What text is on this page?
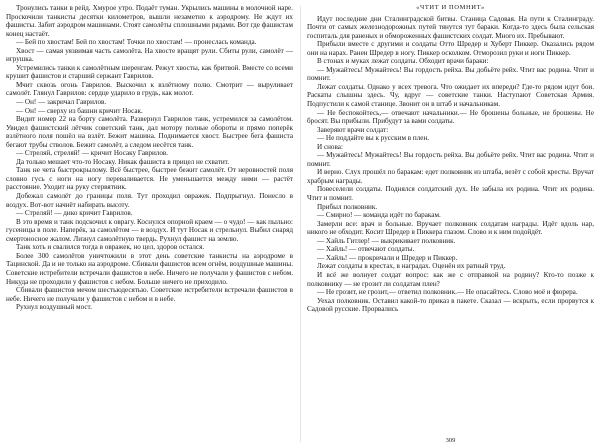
Тронулись танки в рейд. Хмурое утро. Подаёт туман. Укрылись машины в молочной наре. Проскочили танкисты десятки километров, вышли незаметно к аэродрому. Не ждут их фашисты. Забит аэродром машинами. Стоят самолёты сплошными рядами. Вот где фашистам конец настаёт.

— Бей по хвостам! Бей по хвостам! Точки по хвостам! — пронеслась команда.

Хвост — самая уязвимая часть самолёта. На хвосте вращят рули. Сбиты рули, самолёт — игрушка.

Устремились танки к самолётным шеренгам. Режут хвосты, как бритвой. Вместе со всеми крушит фашистов и старший сержант Гаврилов.

Мчит сквозь огонь Гаврилов. Выскочил к взлётному полю. Смотрит — выруливает самолёт. Глянул Гаврилов: сердце ударило в грудь, как молот.

— Он! — закричал Гаврилов.

— Он! — сверху из башни кричит Носак.

Видит номер 22 на борту самолёта. Развернул Гаврилов танк, устремился за самолётом. Увидел фашистский лётчик советский танк, дал мотору полные обороты и прямо поперёк взлётного поля пошёл на взлёт. Бежит машина. Поднимается хвост. Быстрее бега фашиста бегают трубы стволов. Бежит самолёт, а следом несётся танк.

— Стреляй, стреляй! — кричит Носаку Гаврилов.

Да только мешает что-то Носаку. Никак фашиста в прицел не схватит.

Танк не чета быстрокрылому. Всё быстрее, быстрее бежит самолёт. От неровностей поля словно гусь с ноги на ногу переваливается. Не уменьшается между ними — растёт расстояние. Уходит на руку стервятник.

Добежал самолёт до границы поля. Тут проходил овражек. Подпрыгнул. Понесло в воздух. Вот-вот начнёт набирать высоту.

— Стреляй! — дико кричит Гаврилов.

В это время и танк подскочил к оврагу. Коснулся опорной краем — о чудо! — как пыльно: гусеницы в поле. Наперёк, за самолётом — в воздух. И тут Носак и стрельнул. Выбил снаряд смертоносное жалом. Лизнул самолётную твердь. Рухнул фашист на землю.

Танк хоть и свалился тогда в овражек, но цел, здоров остался.

Более 300 самолётов уничтожили в этот день советские танкисты на аэродроме в Тацинской. Да и не только на аэродроме. Сбивали фашистов всем огнём, воздушные машины. Советские истребители встречали фашистов в небе. Ничего не получали у фашистов с небом. Никуда не проходили у фашистов с небом. Больше ничего не приходило.

Сбивали фашистов мечом шестьюдесятью. Советские истребители встречали фашистов в небе. Ничего не получали у фашистов с небом и в небе.

Рухнул воздушный мост.

«ЧТИТ И ПОМНИТ»

Идут последние дни Сталинградской битвы. Станица Садовая. На пути к Сталинграду. Почти от самых железнодорожных путей тянутся тут бараки. Когда-то здесь была сельская госпиталь для раненых и обмороженных фашистских солдат. Много их. Пребывают.

Прибыли вместе с другими и солдаты Отто Шредер и Хуберт Пиккер. Оказались рядом они на нарах. Ранен Шредер в ногу. Пиккер осколком. Отморозил руки и ноги Пиккер.

В стонах и муках лежат солдаты. Обходит врачи бараки:

— Мужайтесь! Мужайтесь! Вы гордость рейха. Вы добьёте рейх. Чтит вас родина. Чтит и помнит.

Лежат солдаты. Однако у всех тревога. Что ожидает их впереди? Где-то рядом идут бои. Раскаты слышны здесь. Чу, вдруг — советские танки. Наступают Советская Армия. Подпустили к самой станице. Звонит он в штаб и начальникам.

— Не беспокойтесь,— отвечают начальники.— Не брошены больные, не брошены. Не бросят. Вы прибыли. Прибудут за вами солдаты.

Заверяют врачи солдат:

— Не поддайте вы к русским в плен.

И снова:

— Мужайтесь! Мужайтесь! Вы гордость рейха. Вы добьёте рейх. Чтит вас родина. Чтит и помнит.

И верно. Слух прошёл по баракам: едет полковник из штаба, везёт с собой кресты. Вручат храбрым награды.

Повеселели солдаты. Поднялся солдатский дух. Не забыла их родина. Чтит их родина. Чтит и помнит.

Прибыл полковник.

— Смирно! — команда идёт по баракам.

Замерли все: врач и больные. Вручает полковник солдатам награды. Идёт вдоль нар, никого не обходит. Косит Шредер в Пиккера глазом. Слово и к ним подойдёт.

— Хайль Гитлер! — выкрикивает полковник.

— Хайль! — отвечают солдаты.

— Хайль! — прокричали и Шредер и Пиккер.

Лежат солдаты в крестах, в наградах. Оценён их ратный труд.

И всё же волнует солдат вопрос: как же с отправкой на родину? Кто-то позже к полковнику — не грозит ли солдатам плен?

— Не грозит, не грозит,— ответил полковник.— Не опасайтесь. Слово моё и фюрера.

Уехал полковник. Оставил какой-то приказ в пакете. Сказал — вскрыть, если прорвутся к Садовой русские. Прорвались

309
